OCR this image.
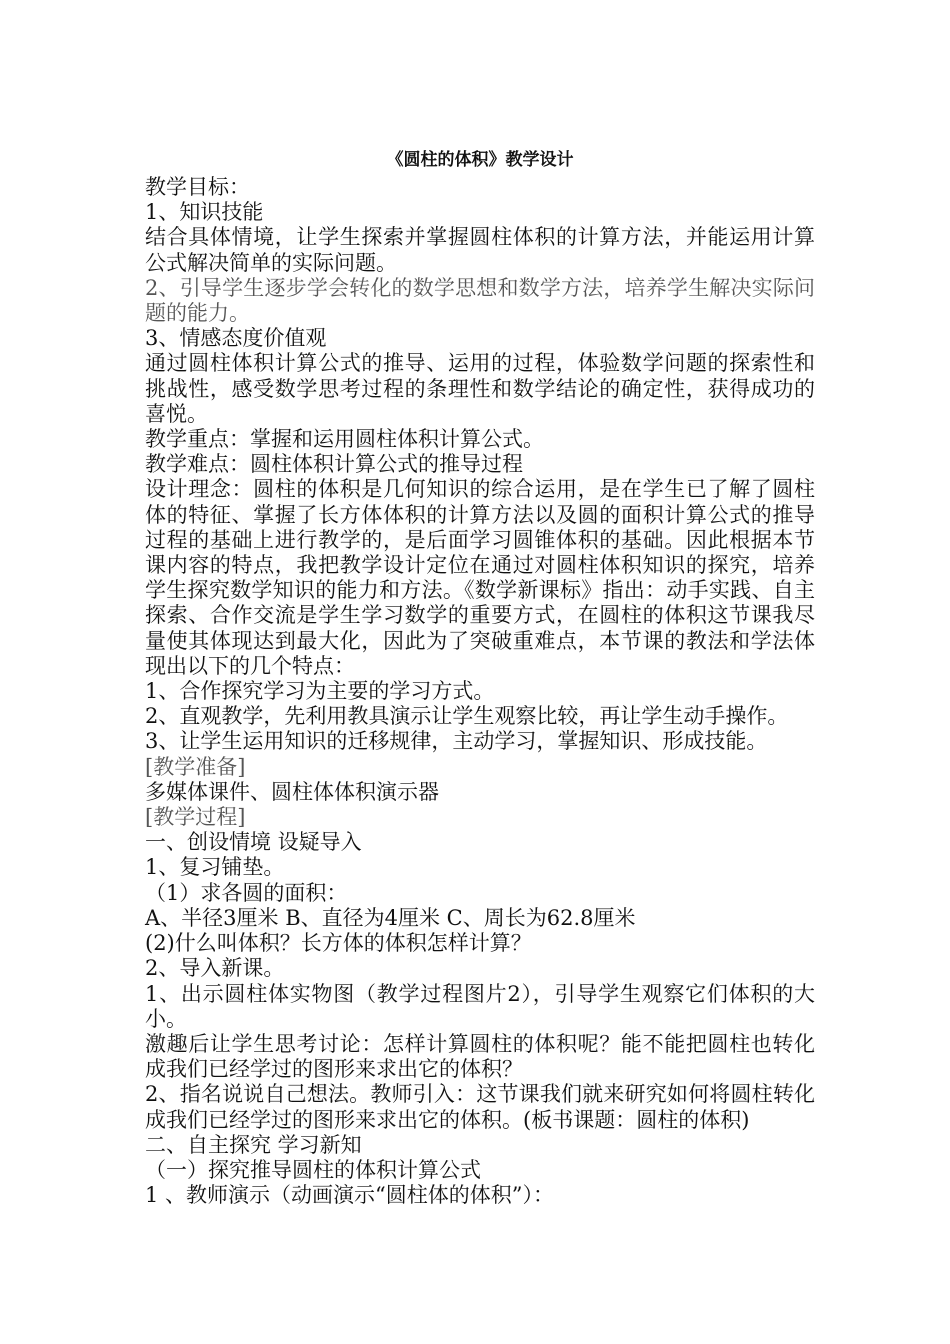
《圆柱的体积》教学设计
教学目标：
1、知识技能
结合具体情境，让学生探索并掌握圆柱体积的计算方法，并能运用计算公式解决简单的实际问题。
2、引导学生逐步学会转化的数学思想和数学方法，培养学生解决实际问题的能力。
3、情感态度价值观
通过圆柱体积计算公式的推导、运用的过程，体验数学问题的探索性和挑战性，感受数学思考过程的条理性和数学结论的确定性，获得成功的喜悦。
教学重点：掌握和运用圆柱体积计算公式。
教学难点：圆柱体积计算公式的推导过程
设计理念：圆柱的体积是几何知识的综合运用，是在学生已了解了圆柱体的特征、掌握了长方体体积的计算方法以及圆的面积计算公式的推导过程的基础上进行教学的，是后面学习圆锥体积的基础。因此根据本节课内容的特点，我把教学设计定位在通过对圆柱体积知识的探究，培养学生探究数学知识的能力和方法。《数学新课标》指出：动手实践、自主探索、合作交流是学生学习数学的重要方式，在圆柱的体积这节课我尽量使其体现达到最大化，因此为了突破重难点，本节课的教法和学法体现出以下的几个特点：
1、合作探究学习为主要的学习方式。
2、直观教学，先利用教具演示让学生观察比较，再让学生动手操作。
3、让学生运用知识的迁移规律，主动学习，掌握知识、形成技能。
[教学准备]
多媒体课件、圆柱体体积演示器
[教学过程]
一、创设情境 设疑导入
1、复习铺垫。
（1）求各圆的面积：
A、半径3厘米 B、直径为4厘米 C、周长为62.8厘米
(2)什么叫体积？长方体的体积怎样计算？
2、导入新课。
1、出示圆柱体实物图（教学过程图片2），引导学生观察它们体积的大小。
激趣后让学生思考讨论：怎样计算圆柱的体积呢？能不能把圆柱也转化成我们已经学过的图形来求出它的体积？
2、指名说说自己想法。教师引入：这节课我们就来研究如何将圆柱转化成我们已经学过的图形来求出它的体积。(板书课题：圆柱的体积)
二、自主探究 学习新知
（一）探究推导圆柱的体积计算公式
1 、教师演示（动画演示“圆柱体的体积”）：
